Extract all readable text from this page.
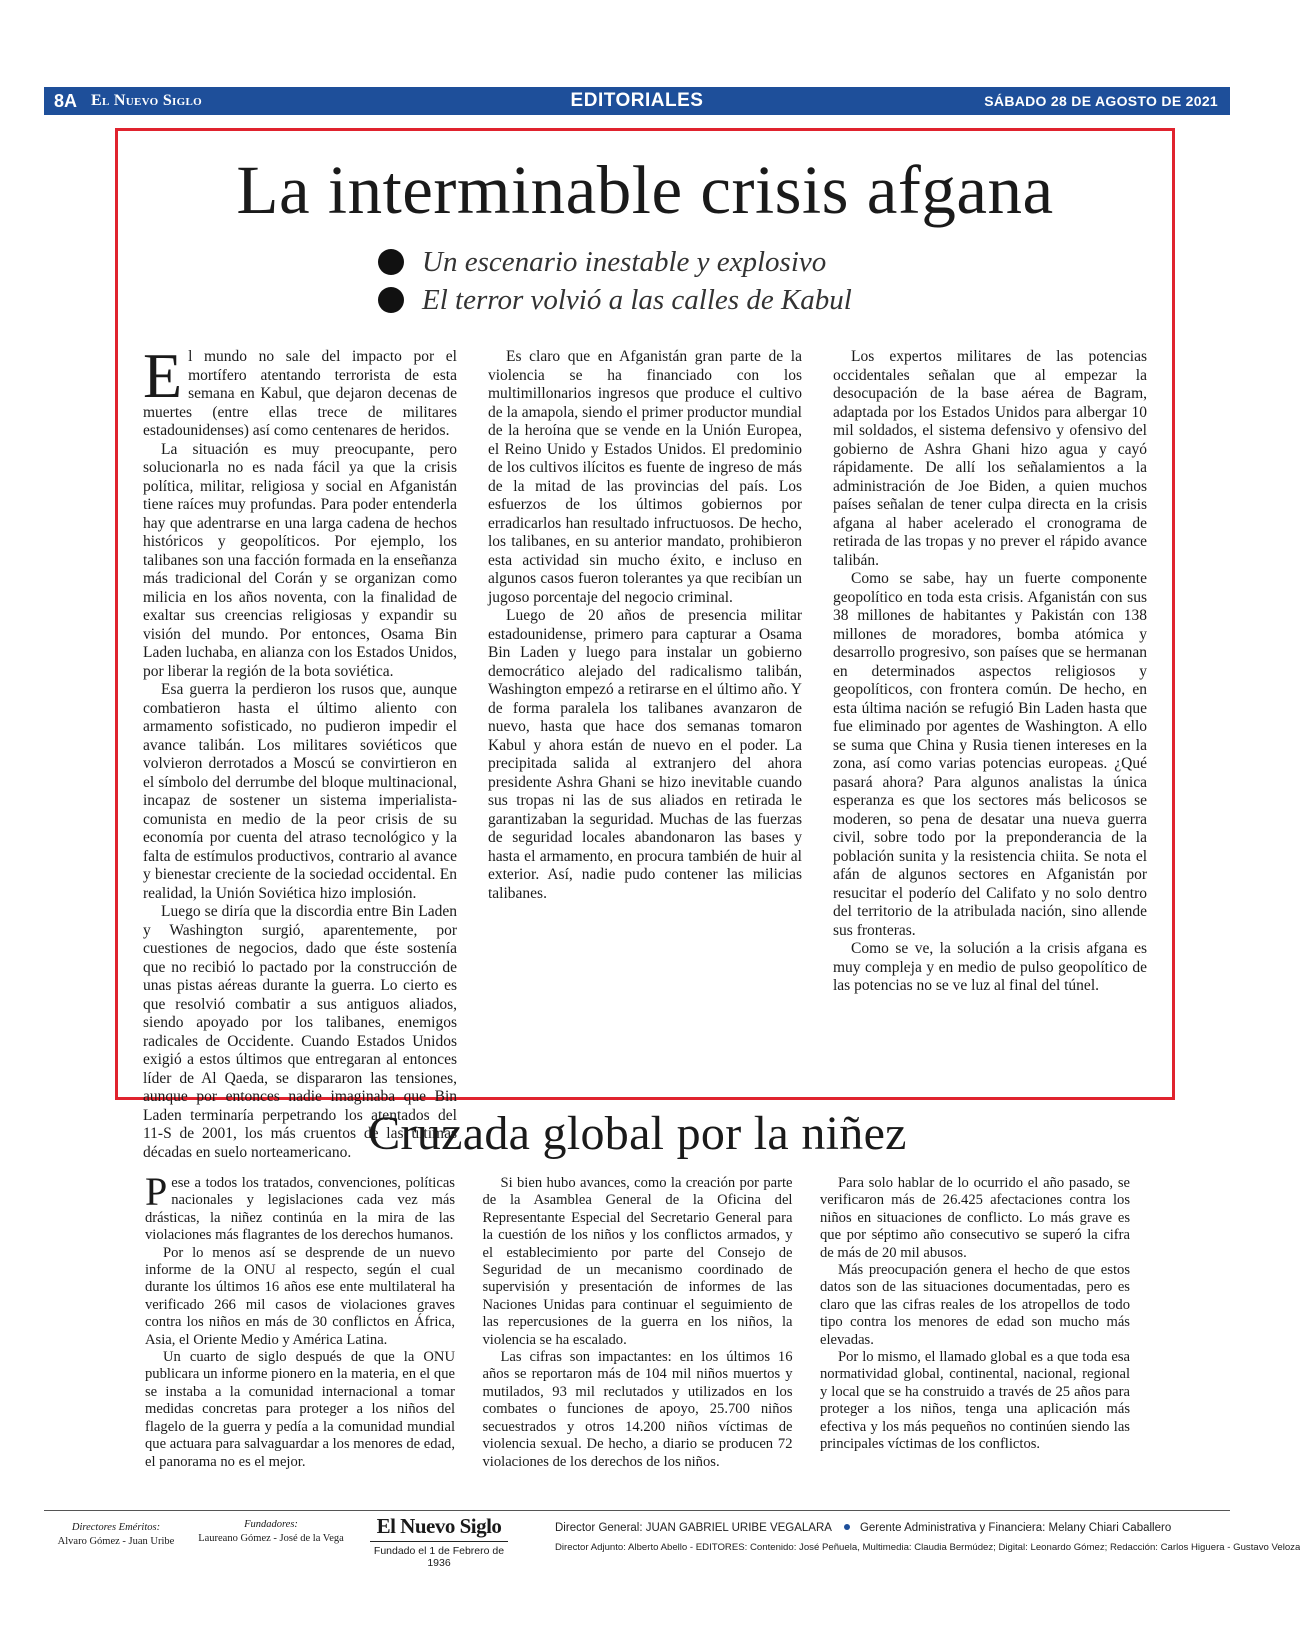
8A El Nuevo Siglo	EDITORIALES	SÁBADO 28 DE AGOSTO DE 2021
La interminable crisis afgana
Un escenario inestable y explosivo
El terror volvió a las calles de Kabul

El mundo no sale del impacto por el mortífero atentando terrorista de esta semana en Kabul, que dejaron decenas de muertes (entre ellas trece de militares estadounidenses) así como centenares de heridos.

La situación es muy preocupante, pero solucionarla no es nada fácil ya que la crisis política, militar, religiosa y social en Afganistán tiene raíces muy profundas. Para poder entenderla hay que adentrarse en una larga cadena de hechos históricos y geopolíticos. Por ejemplo, los talibanes son una facción formada en la enseñanza más tradicional del Corán y se organizan como milicia en los años noventa, con la finalidad de exaltar sus creencias religiosas y expandir su visión del mundo. Por entonces, Osama Bin Laden luchaba, en alianza con los Estados Unidos, por liberar la región de la bota soviética.

Esa guerra la perdieron los rusos que, aunque combatieron hasta el último aliento con armamento sofisticado, no pudieron impedir el avance talibán. Los militares soviéticos que volvieron derrotados a Moscú se convirtieron en el símbolo del derrumbe del bloque multinacional, incapaz de sostener un sistema imperialista-comunista en medio de la peor crisis de su economía por cuenta del atraso tecnológico y la falta de estímulos productivos, contrario al avance y bienestar creciente de la sociedad occidental. En realidad, la Unión Soviética hizo implosión.

Luego se diría que la discordia entre Bin Laden y Washington surgió, aparentemente, por cuestiones de negocios, dado que éste sostenía que no recibió lo pactado por la construcción de unas pistas aéreas durante la guerra. Lo cierto es que resolvió combatir a sus antiguos aliados, siendo apoyado por los talibanes, enemigos radicales de Occidente. Cuando Estados Unidos exigió a estos últimos que entregaran al entonces líder de Al Qaeda, se dispararon las tensiones, aunque por entonces nadie imaginaba que Bin Laden terminaría perpetrando los atentados del 11-S de 2001, los más cruentos de las últimas décadas en suelo norteamericano.

Es claro que en Afganistán gran parte de la violencia se ha financiado con los multimillonarios ingresos que produce el cultivo de la amapola, siendo el primer productor mundial de la heroína que se vende en la Unión Europea, el Reino Unido y Estados Unidos. El predominio de los cultivos ilícitos es fuente de ingreso de más de la mitad de las provincias del país. Los esfuerzos de los últimos gobiernos por erradicarlos han resultado infructuosos. De hecho, los talibanes, en su anterior mandato, prohibieron esta actividad sin mucho éxito, e incluso en algunos casos fueron tolerantes ya que recibían un jugoso porcentaje del negocio criminal.

Luego de 20 años de presencia militar estadounidense, primero para capturar a Osama Bin Laden y luego para instalar un gobierno democrático alejado del radicalismo talibán, Washington empezó a retirarse en el último año. Y de forma paralela los talibanes avanzaron de nuevo, hasta que hace dos semanas tomaron Kabul y ahora están de nuevo en el poder. La precipitada salida al extranjero del ahora presidente Ashra Ghani se hizo inevitable cuando sus tropas ni las de sus aliados en retirada le garantizaban la seguridad. Muchas de las fuerzas de seguridad locales abandonaron las bases y hasta el armamento, en procura también de huir al exterior. Así, nadie pudo contener las milicias talibanes.

Los expertos militares de las potencias occidentales señalan que al empezar la desocupación de la base aérea de Bagram, adaptada por los Estados Unidos para albergar 10 mil soldados, el sistema defensivo y ofensivo del gobierno de Ashra Ghani hizo agua y cayó rápidamente. De allí los señalamientos a la administración de Joe Biden, a quien muchos países señalan de tener culpa directa en la crisis afgana al haber acelerado el cronograma de retirada de las tropas y no prever el rápido avance talibán.

Como se sabe, hay un fuerte componente geopolítico en toda esta crisis. Afganistán con sus 38 millones de habitantes y Pakistán con 138 millones de moradores, bomba atómica y desarrollo progresivo, son países que se hermanan en determinados aspectos religiosos y geopolíticos, con frontera común. De hecho, en esta última nación se refugió Bin Laden hasta que fue eliminado por agentes de Washington. A ello se suma que China y Rusia tienen intereses en la zona, así como varias potencias europeas. ¿Qué pasará ahora? Para algunos analistas la única esperanza es que los sectores más belicosos se moderen, so pena de desatar una nueva guerra civil, sobre todo por la preponderancia de la población sunita y la resistencia chiita. Se nota el afán de algunos sectores en Afganistán por resucitar el poderío del Califato y no solo dentro del territorio de la atribulada nación, sino allende sus fronteras.

Como se ve, la solución a la crisis afgana es muy compleja y en medio de pulso geopolítico de las potencias no se ve luz al final del túnel.

Cruzada global por la niñez

Pese a todos los tratados, convenciones, políticas nacionales y legislaciones cada vez más drásticas, la niñez continúa en la mira de las violaciones más flagrantes de los derechos humanos.

Por lo menos así se desprende de un nuevo informe de la ONU al respecto, según el cual durante los últimos 16 años ese ente multilateral ha verificado 266 mil casos de violaciones graves contra los niños en más de 30 conflictos en África, Asia, el Oriente Medio y América Latina.

Un cuarto de siglo después de que la ONU publicara un informe pionero en la materia, en el que se instaba a la comunidad internacional a tomar medidas concretas para proteger a los niños del flagelo de la guerra y pedía a la comunidad mundial que actuara para salvaguardar a los menores de edad, el panorama no es el mejor.

Si bien hubo avances, como la creación por parte de la Asamblea General de la Oficina del Representante Especial del Secretario General para la cuestión de los niños y los conflictos armados, y el establecimiento por parte del Consejo de Seguridad de un mecanismo coordinado de supervisión y presentación de informes de las Naciones Unidas para continuar el seguimiento de las repercusiones de la guerra en los niños, la violencia se ha escalado.

Las cifras son impactantes: en los últimos 16 años se reportaron más de 104 mil niños muertos y mutilados, 93 mil reclutados y utilizados en los combates o funciones de apoyo, 25.700 niños secuestrados y otros 14.200 niños víctimas de violencia sexual. De hecho, a diario se producen 72 violaciones de los derechos de los niños.

Para solo hablar de lo ocurrido el año pasado, se verificaron más de 26.425 afectaciones contra los niños en situaciones de conflicto. Lo más grave es que por séptimo año consecutivo se superó la cifra de más de 20 mil abusos.

Más preocupación genera el hecho de que estos datos son de las situaciones documentadas, pero es claro que las cifras reales de los atropellos de todo tipo contra los menores de edad son mucho más elevadas.

Por lo mismo, el llamado global es a que toda esa normatividad global, continental, nacional, regional y local que se ha construido a través de 25 años para proteger a los niños, tenga una aplicación más efectiva y los más pequeños no continúen siendo las principales víctimas de los conflictos.

Directores Eméritos:
Alvaro Gómez - Juan Uribe
Fundadores:
Laureano Gómez - José de la Vega
El Nuevo Siglo
Fundado el 1 de Febrero de 1936
Director General: JUAN GABRIEL URIBE VEGALARA Gerente Administrativa y Financiera: Melany Chiari Caballero
Director Adjunto: Alberto Abello - EDITORES: Contenido: José Peñuela, Multimedia: Claudia Bermúdez; Digital: Leonardo Gómez; Redacción: Carlos Higuera - Gustavo Veloza
